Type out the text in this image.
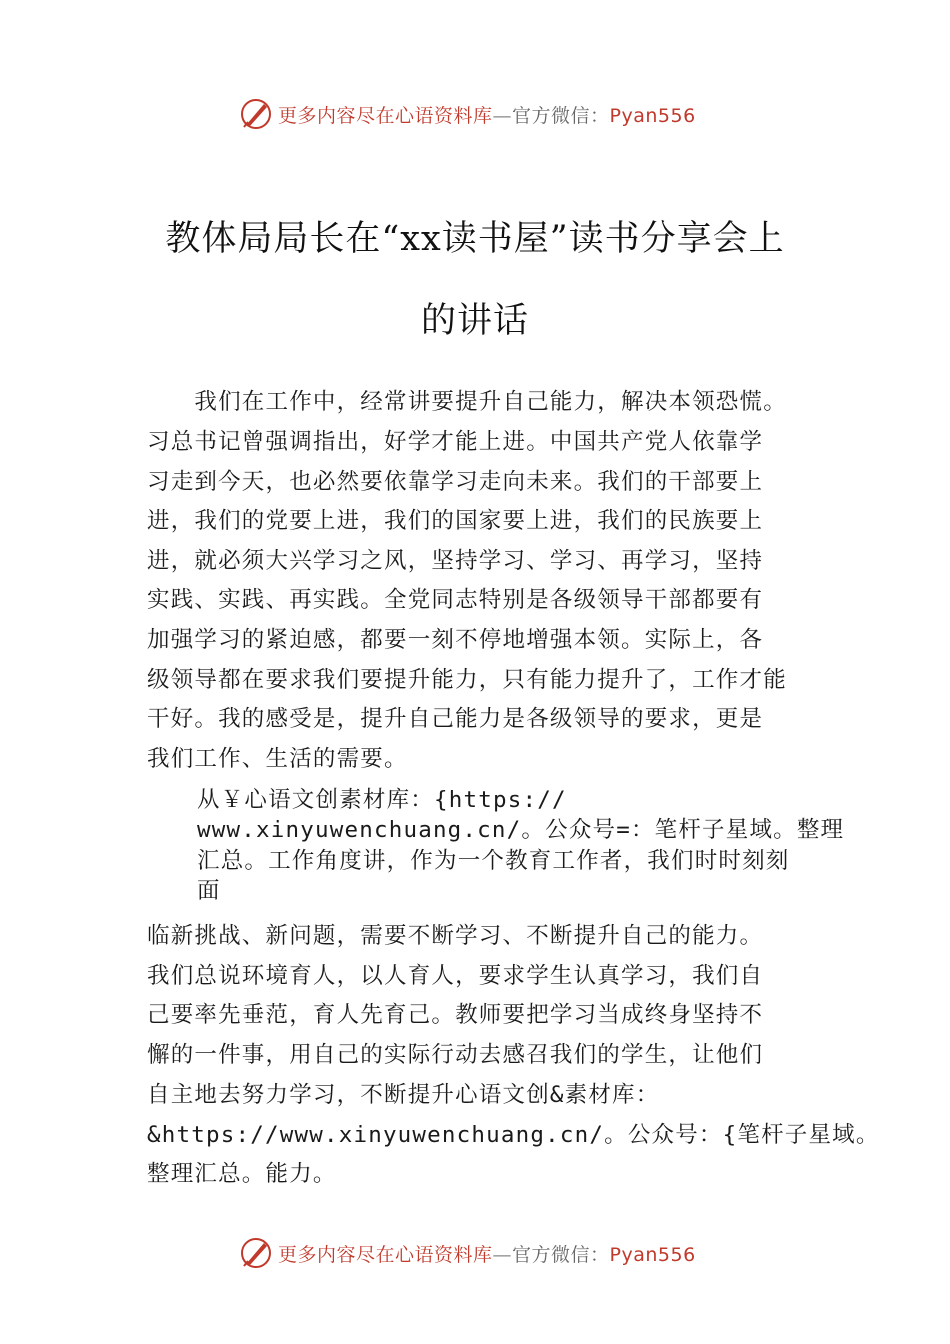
更多内容尽在心语资料库—官方微信：Pyan556
教体局局长在“xx读书屋”读书分享会上
的讲话
　　我们在工作中，经常讲要提升自己能力，解决本领恐慌。
习总书记曾强调指出，好学才能上进。中国共产党人依靠学
习走到今天，也必然要依靠学习走向未来。我们的干部要上
进，我们的党要上进，我们的国家要上进，我们的民族要上
进，就必须大兴学习之风，坚持学习、学习、再学习，坚持
实践、实践、再实践。全党同志特别是各级领导干部都要有
加强学习的紧迫感，都要一刻不停地增强本领。实际上，各
级领导都在要求我们要提升能力，只有能力提升了，工作才能
干好。我的感受是，提升自己能力是各级领导的要求，更是
我们工作、生活的需要。
从￥心语文创素材库：{https://
www.xinyuwenchuang.cn/。公众号=：笔杆子星域。整理
汇总。工作角度讲，作为一个教育工作者，我们时时刻刻
面
临新挑战、新问题，需要不断学习、不断提升自己的能力。
我们总说环境育人，以人育人，要求学生认真学习，我们自
己要率先垂范，育人先育己。教师要把学习当成终身坚持不
懈的一件事，用自己的实际行动去感召我们的学生，让他们
自主地去努力学习，不断提升心语文创&素材库：
&https://www.xinyuwenchuang.cn/。公众号：{笔杆子星域。
整理汇总。能力。
更多内容尽在心语资料库—官方微信：Pyan556
